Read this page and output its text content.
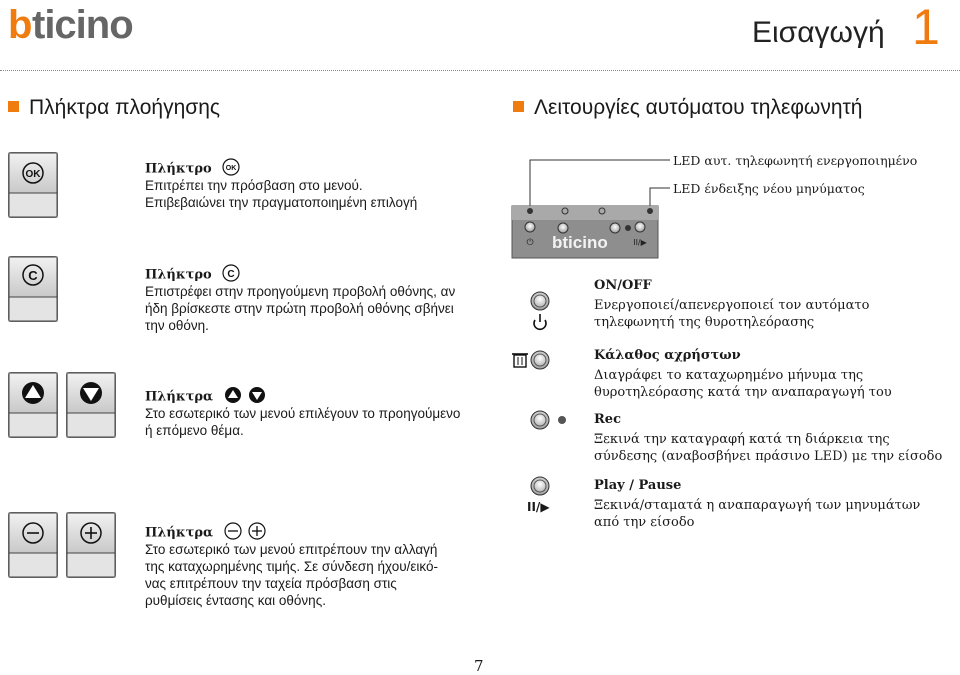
b ticino	Εισαγωγή 1
Πλήκτρα πλοήγησης	Λειτουργίες αυτόματου τηλεφωνητή
OK	Πλήκτρο OK
Επιτρέπει την πρόσβαση στο μενού.
Επιβεβαιώνει την πραγματοποιημένη επιλογή
C	Πλήκτρο C
Επιστρέφει στην προηγούμενη προβολή οθόνης, αν
ήδη βρίσκεστε στην πρώτη προβολή οθόνης σβήνει
την οθόνη.
Πλήκτρα
Στο εσωτερικό των μενού επιλέγουν το προηγούμενο
ή επόμενο θέμα.
Πλήκτρα
Στο εσωτερικό των μενού επιτρέπουν την αλλαγή
της καταχωρημένης τιμής. Σε σύνδεση ήχου/εικό-
νας επιτρέπουν την ταχεία πρόσβαση στις
ρυθμίσεις έντασης και οθόνης.
⏻	II/▶
bticino
LED αυτ. τηλεφωνητή ενεργοποιημένο
LED ένδειξης νέου μηνύματος
ON/OFF
Ενεργοποιεί/απενεργοποιεί τον αυτόματο
τηλεφωνητή της θυροτηλεόρασης
Κάλαθος αχρήστων
Διαγράφει το καταχωρημένο μήνυμα της
θυροτηλεόρασης κατά την αναπαραγωγή του
Rec
Ξεκινά την καταγραφή κατά τη διάρκεια της
σύνδεσης (αναβοσβήνει πράσινο LED) με την είσοδο
II/▶
Play / Pause
Ξεκινά/σταματά η αναπαραγωγή των μηνυμάτων
από την είσοδο
7
